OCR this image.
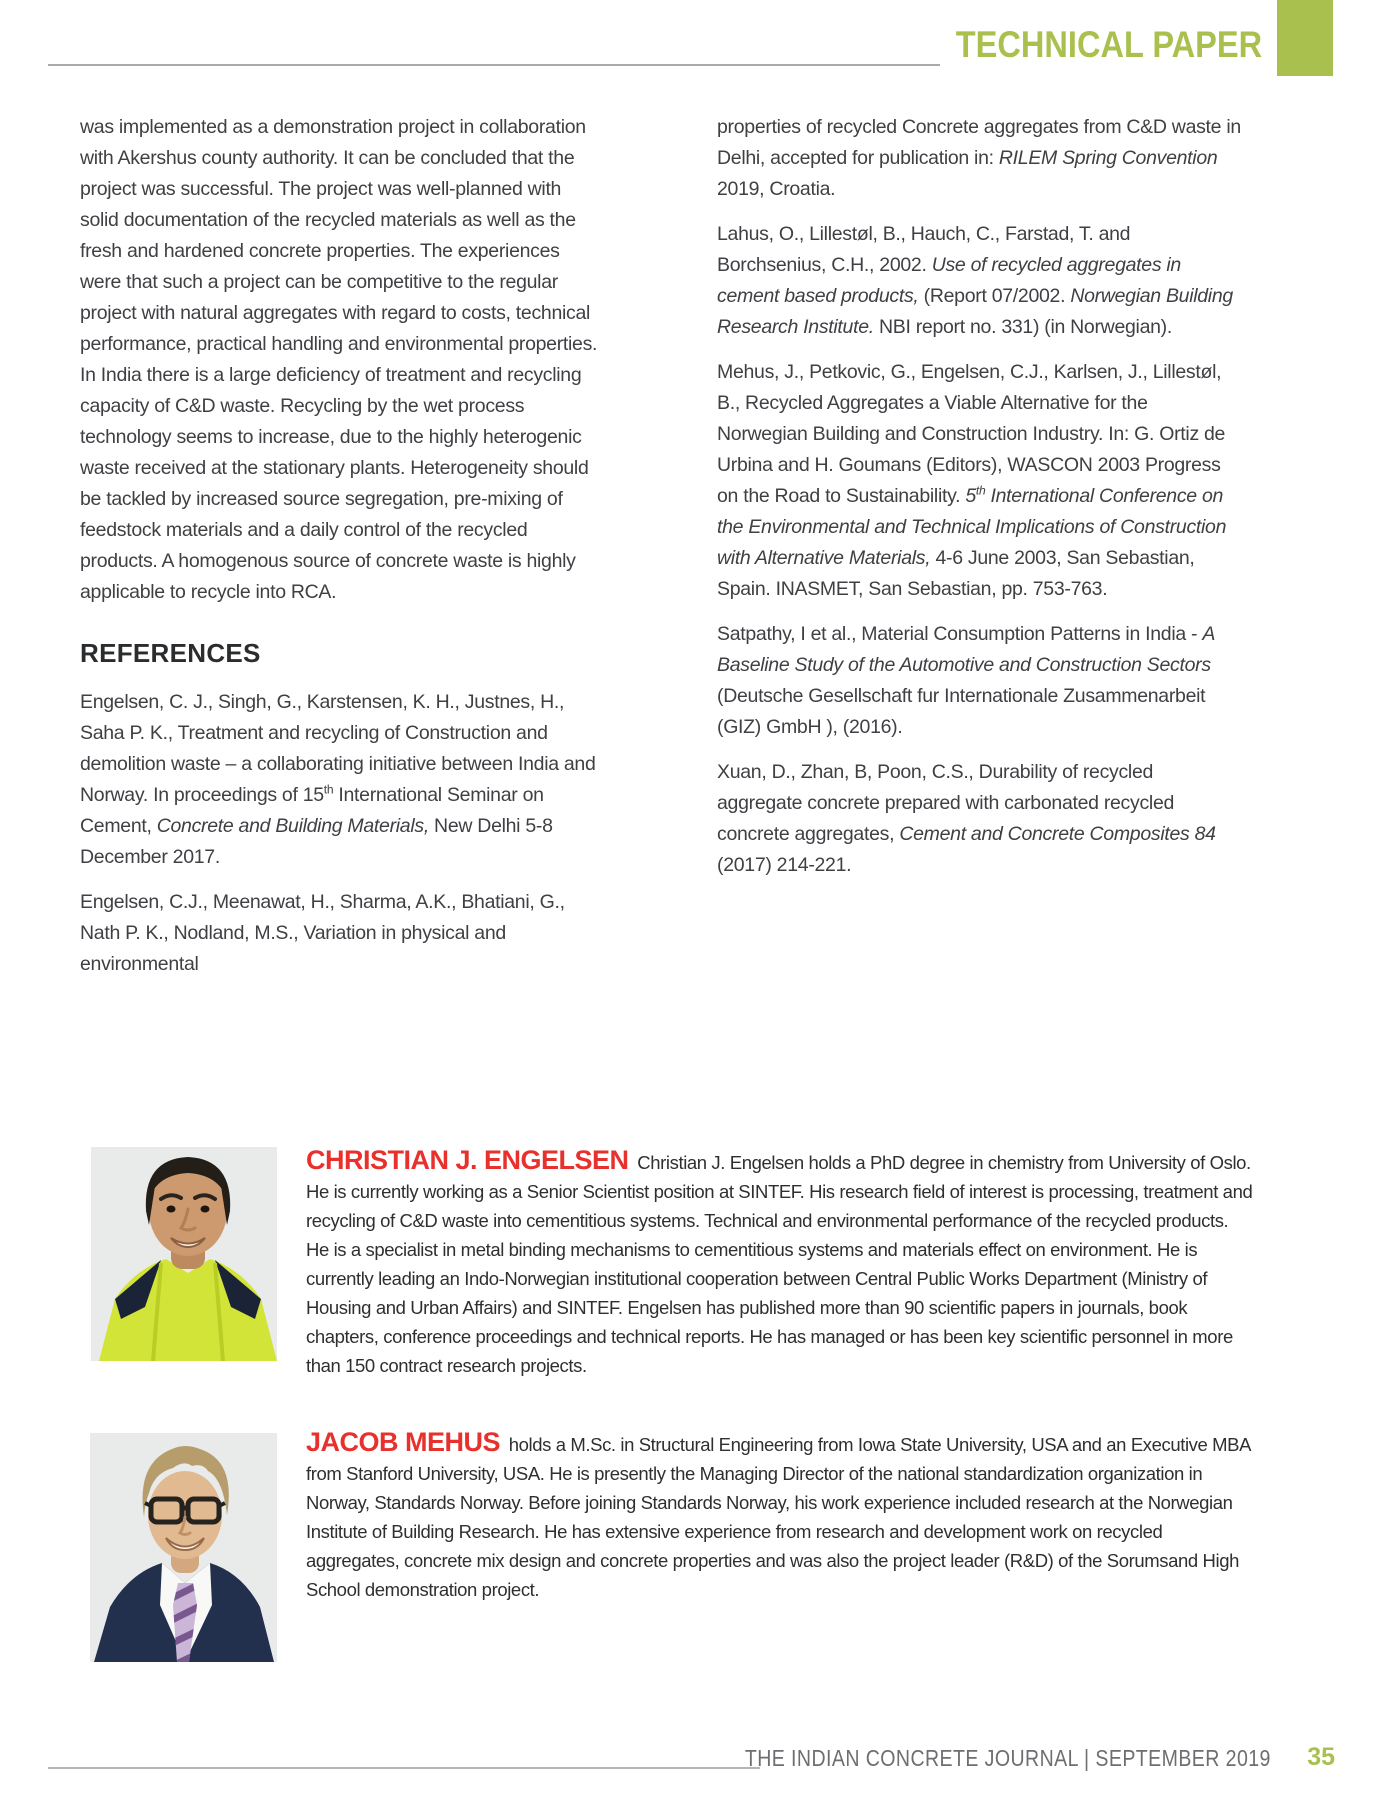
TECHNICAL PAPER

was implemented as a demonstration project in collaboration with Akershus county authority. It can be concluded that the project was successful. The project was well-planned with solid documentation of the recycled materials as well as the fresh and hardened concrete properties. The experiences were that such a project can be competitive to the regular project with natural aggregates with regard to costs, technical performance, practical handling and environmental properties. In India there is a large deficiency of treatment and recycling capacity of C&D waste. Recycling by the wet process technology seems to increase, due to the highly heterogenic waste received at the stationary plants. Heterogeneity should be tackled by increased source segregation, pre-mixing of feedstock materials and a daily control of the recycled products. A homogenous source of concrete waste is highly applicable to recycle into RCA.

REFERENCES

Engelsen, C. J., Singh, G., Karstensen, K. H., Justnes, H., Saha P. K., Treatment and recycling of Construction and demolition waste – a collaborating initiative between India and Norway. In proceedings of 15th International Seminar on Cement, Concrete and Building Materials, New Delhi 5-8 December 2017.

Engelsen, C.J., Meenawat, H., Sharma, A.K., Bhatiani, G., Nath P. K., Nodland, M.S., Variation in physical and environmental

properties of recycled Concrete aggregates from C&D waste in Delhi, accepted for publication in: RILEM Spring Convention 2019, Croatia.

Lahus, O., Lillestøl, B., Hauch, C., Farstad, T. and Borchsenius, C.H., 2002. Use of recycled aggregates in cement based products, (Report 07/2002. Norwegian Building Research Institute. NBI report no. 331) (in Norwegian).

Mehus, J., Petkovic, G., Engelsen, C.J., Karlsen, J., Lillestøl, B., Recycled Aggregates a Viable Alternative for the Norwegian Building and Construction Industry. In: G. Ortiz de Urbina and H. Goumans (Editors), WASCON 2003 Progress on the Road to Sustainability. 5th International Conference on the Environmental and Technical Implications of Construction with Alternative Materials, 4-6 June 2003, San Sebastian, Spain. INASMET, San Sebastian, pp. 753-763.

Satpathy, I et al., Material Consumption Patterns in India - A Baseline Study of the Automotive and Construction Sectors (Deutsche Gesellschaft fur Internationale Zusammenarbeit (GIZ) GmbH ), (2016).

Xuan, D., Zhan, B, Poon, C.S., Durability of recycled aggregate concrete prepared with carbonated recycled concrete aggregates, Cement and Concrete Composites 84 (2017) 214-221.

CHRISTIAN J. ENGELSEN Christian J. Engelsen holds a PhD degree in chemistry from University of Oslo. He is currently working as a Senior Scientist position at SINTEF. His research field of interest is processing, treatment and recycling of C&D waste into cementitious systems. Technical and environmental performance of the recycled products. He is a specialist in metal binding mechanisms to cementitious systems and materials effect on environment. He is currently leading an Indo-Norwegian institutional cooperation between Central Public Works Department (Ministry of Housing and Urban Affairs) and SINTEF. Engelsen has published more than 90 scientific papers in journals, book chapters, conference proceedings and technical reports. He has managed or has been key scientific personnel in more than 150 contract research projects.

JACOB MEHUS holds a M.Sc. in Structural Engineering from Iowa State University, USA and an Executive MBA from Stanford University, USA. He is presently the Managing Director of the national standardization organization in Norway, Standards Norway. Before joining Standards Norway, his work experience included research at the Norwegian Institute of Building Research. He has extensive experience from research and development work on recycled aggregates, concrete mix design and concrete properties and was also the project leader (R&D) of the Sorumsand High School demonstration project.

THE INDIAN CONCRETE JOURNAL | SEPTEMBER 2019 35
